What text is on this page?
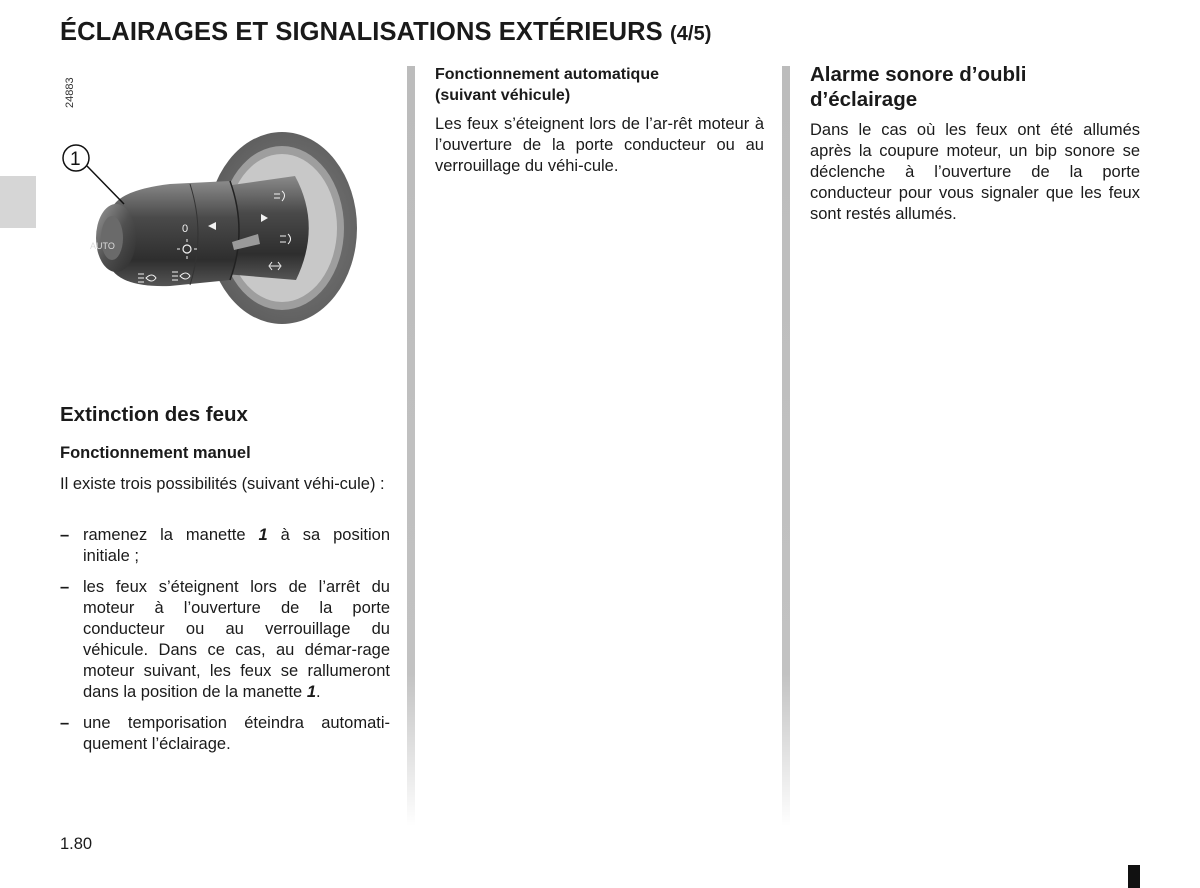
ÉCLAIRAGES ET SIGNALISATIONS EXTÉRIEURS (4/5)
0
AUTO
1
24883
Extinction des feux
Fonctionnement manuel

Il existe trois possibilités (suivant véhi-cule) :

– ramenez la manette 1 à sa position initiale ;
– les feux s’éteignent lors de l’arrêt du moteur à l’ouverture de la porte conducteur ou au verrouillage du véhicule. Dans ce cas, au démar-rage moteur suivant, les feux se rallumeront dans la position de la manette 1.
– une temporisation éteindra automati-quement l’éclairage.
Fonctionnement automatique
(suivant véhicule)

Les feux s’éteignent lors de l’ar-rêt moteur à l’ouverture de la porte conducteur ou au verrouillage du véhi-cule.

Alarme sonore d’oubli
d’éclairage

Dans le cas où les feux ont été allumés après la coupure moteur, un bip sonore se déclenche à l’ouverture de la porte conducteur pour vous signaler que les feux sont restés allumés.

1.80
